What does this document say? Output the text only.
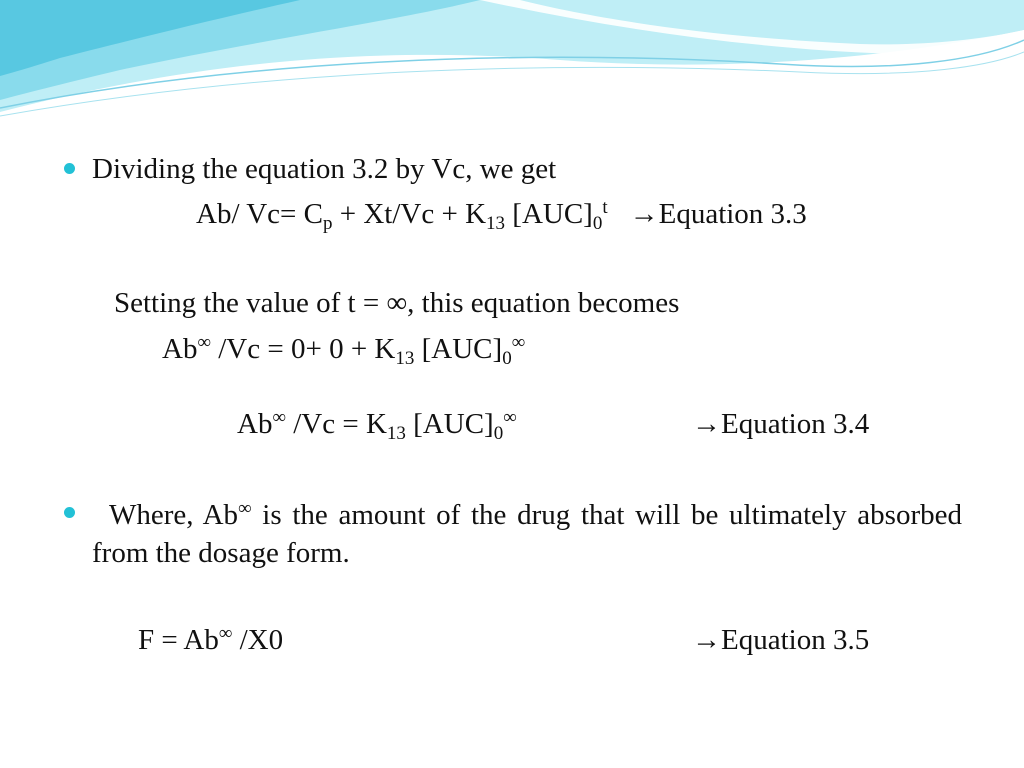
Dividing the equation 3.2 by Vc, we get
Ab/ $Vc= C_p + Xt/Vc + K_{13}$ $[AUC]_0^t$ →Equation 3.3
Setting the value of t = ∞, this equation becomes
Ab∞ $/Vc = 0+ 0 + K_{13}$ $[AUC]_0^\infty$
Ab∞ $/Vc = K_{13}$ $[AUC]_0^\infty$	→Equation 3.4
Where, Ab∞ is the amount of the drug that will be ultimately absorbed from the dosage form.
F = Ab∞ /X0	→Equation 3.5
